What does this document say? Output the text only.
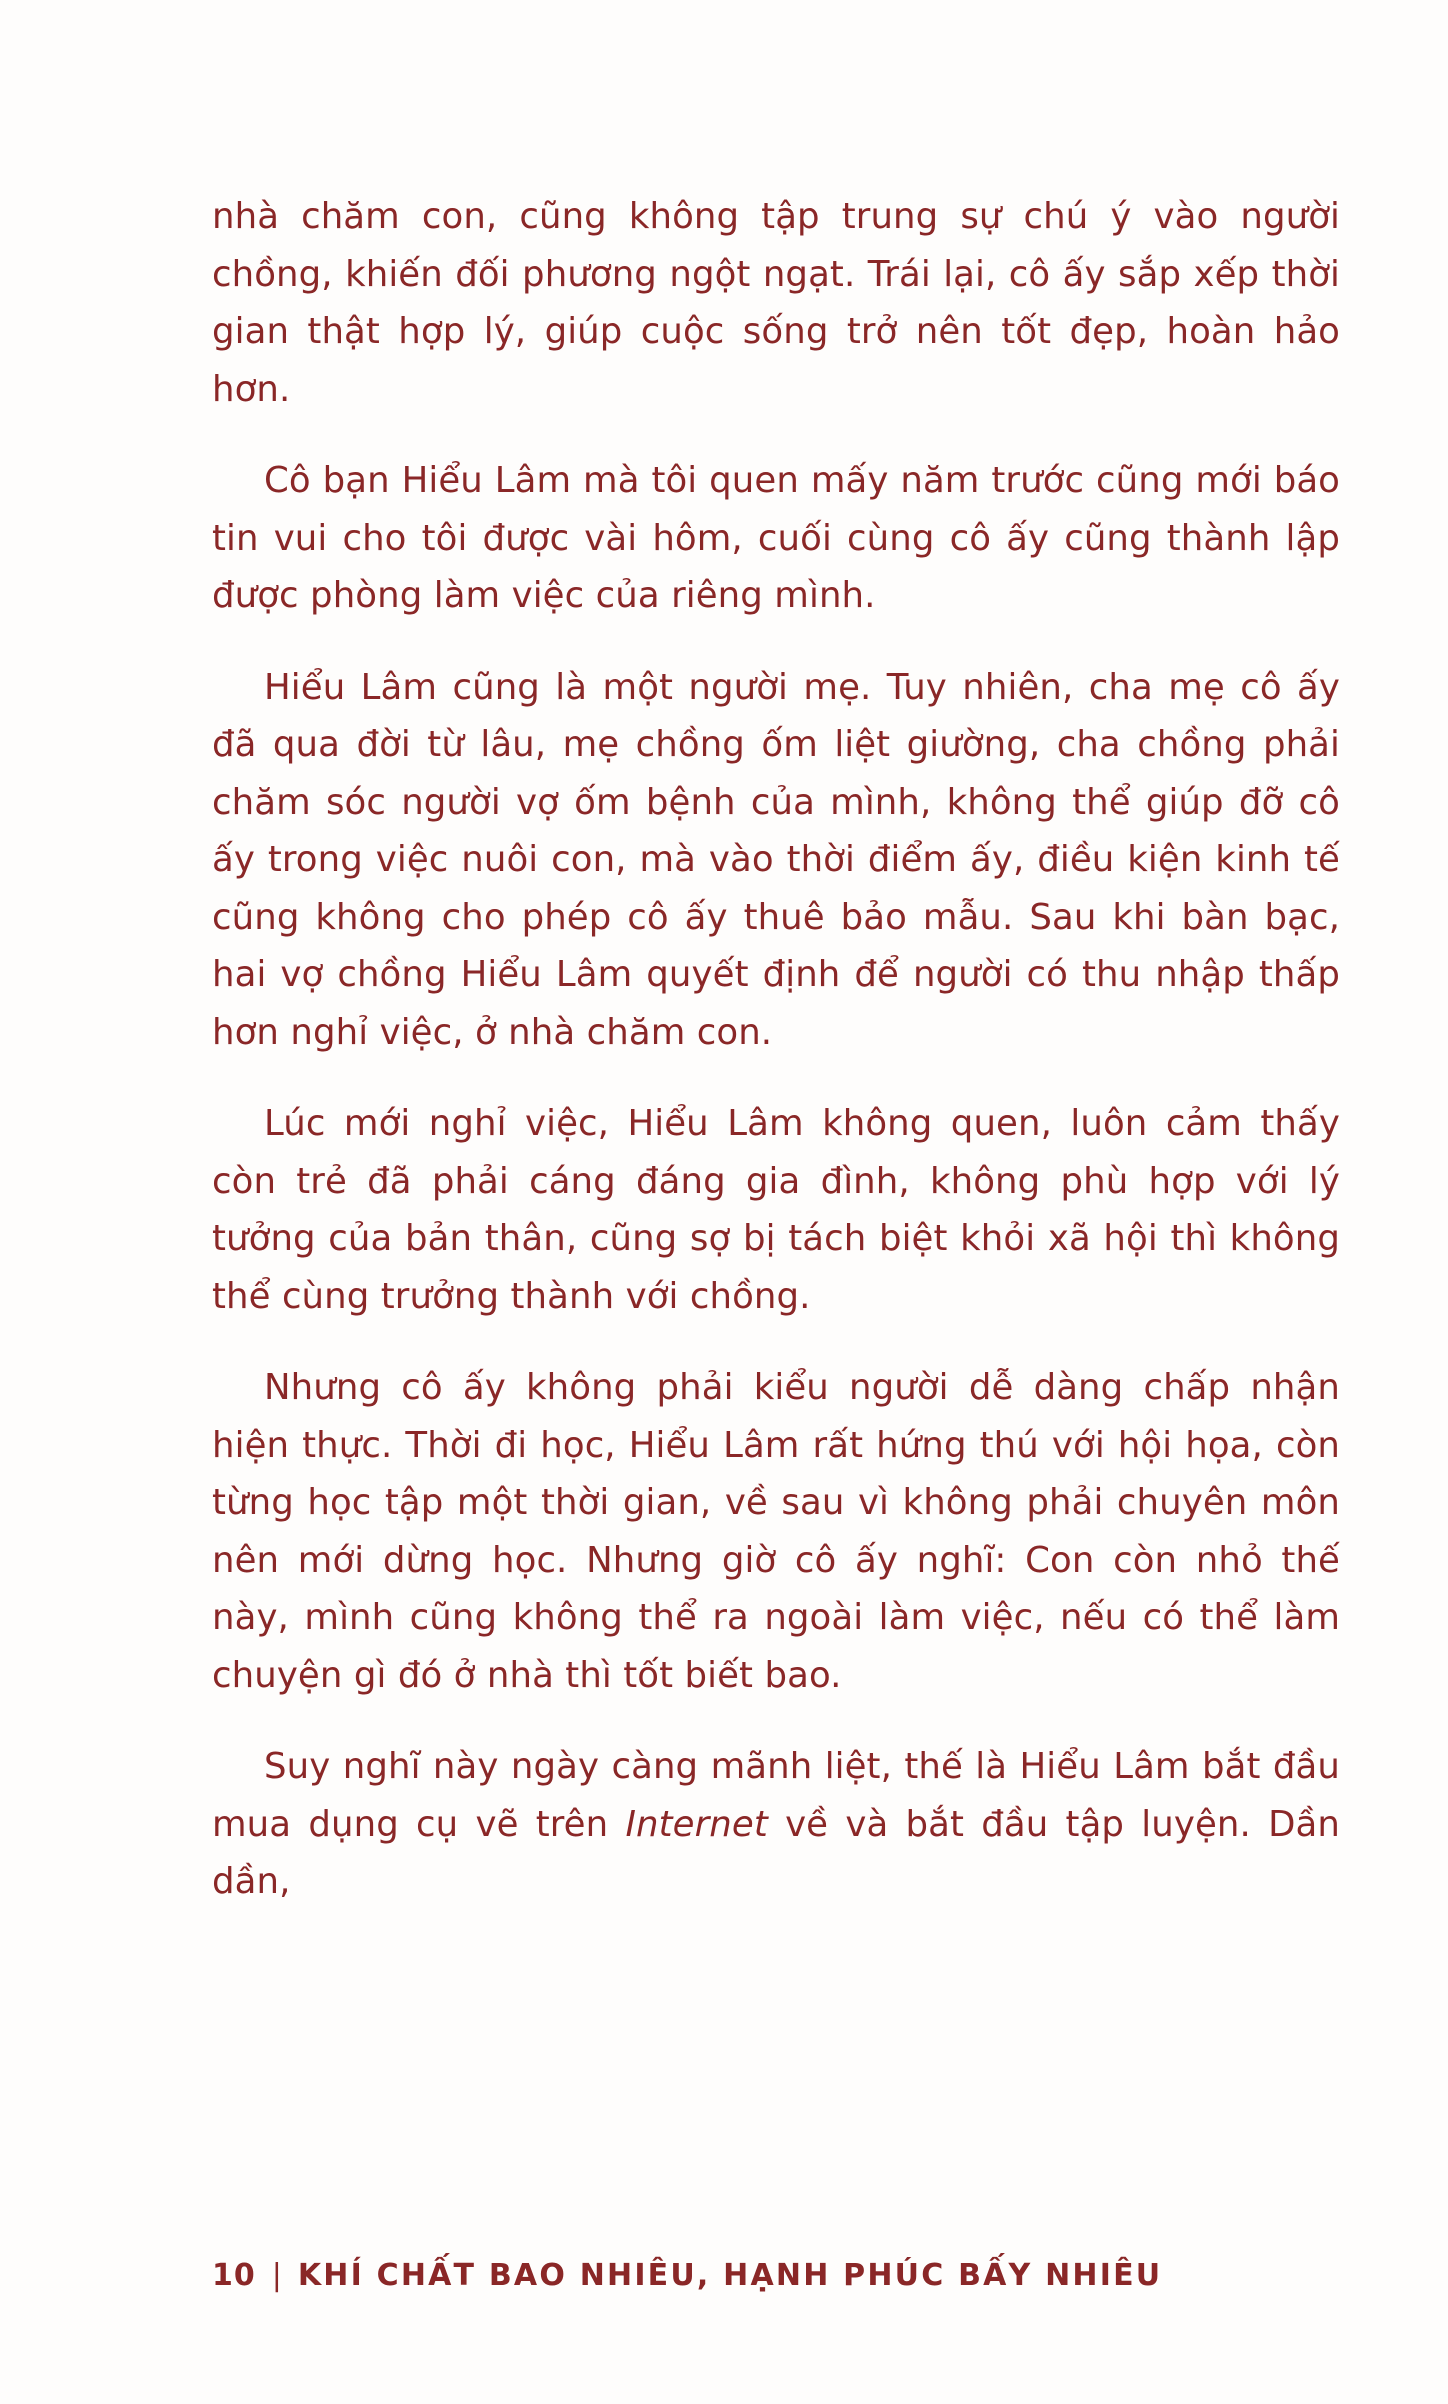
nhà chăm con, cũng không tập trung sự chú ý vào người chồng, khiến đối phương ngột ngạt. Trái lại, cô ấy sắp xếp thời gian thật hợp lý, giúp cuộc sống trở nên tốt đẹp, hoàn hảo hơn.

Cô bạn Hiểu Lâm mà tôi quen mấy năm trước cũng mới báo tin vui cho tôi được vài hôm, cuối cùng cô ấy cũng thành lập được phòng làm việc của riêng mình.

Hiểu Lâm cũng là một người mẹ. Tuy nhiên, cha mẹ cô ấy đã qua đời từ lâu, mẹ chồng ốm liệt giường, cha chồng phải chăm sóc người vợ ốm bệnh của mình, không thể giúp đỡ cô ấy trong việc nuôi con, mà vào thời điểm ấy, điều kiện kinh tế cũng không cho phép cô ấy thuê bảo mẫu. Sau khi bàn bạc, hai vợ chồng Hiểu Lâm quyết định để người có thu nhập thấp hơn nghỉ việc, ở nhà chăm con.

Lúc mới nghỉ việc, Hiểu Lâm không quen, luôn cảm thấy còn trẻ đã phải cáng đáng gia đình, không phù hợp với lý tưởng của bản thân, cũng sợ bị tách biệt khỏi xã hội thì không thể cùng trưởng thành với chồng.

Nhưng cô ấy không phải kiểu người dễ dàng chấp nhận hiện thực. Thời đi học, Hiểu Lâm rất hứng thú với hội họa, còn từng học tập một thời gian, về sau vì không phải chuyên môn nên mới dừng học. Nhưng giờ cô ấy nghĩ: Con còn nhỏ thế này, mình cũng không thể ra ngoài làm việc, nếu có thể làm chuyện gì đó ở nhà thì tốt biết bao.

Suy nghĩ này ngày càng mãnh liệt, thế là Hiểu Lâm bắt đầu mua dụng cụ vẽ trên Internet về và bắt đầu tập luyện. Dần dần,

10 | KHÍ CHẤT BAO NHIÊU, HẠNH PHÚC BẤY NHIÊU
